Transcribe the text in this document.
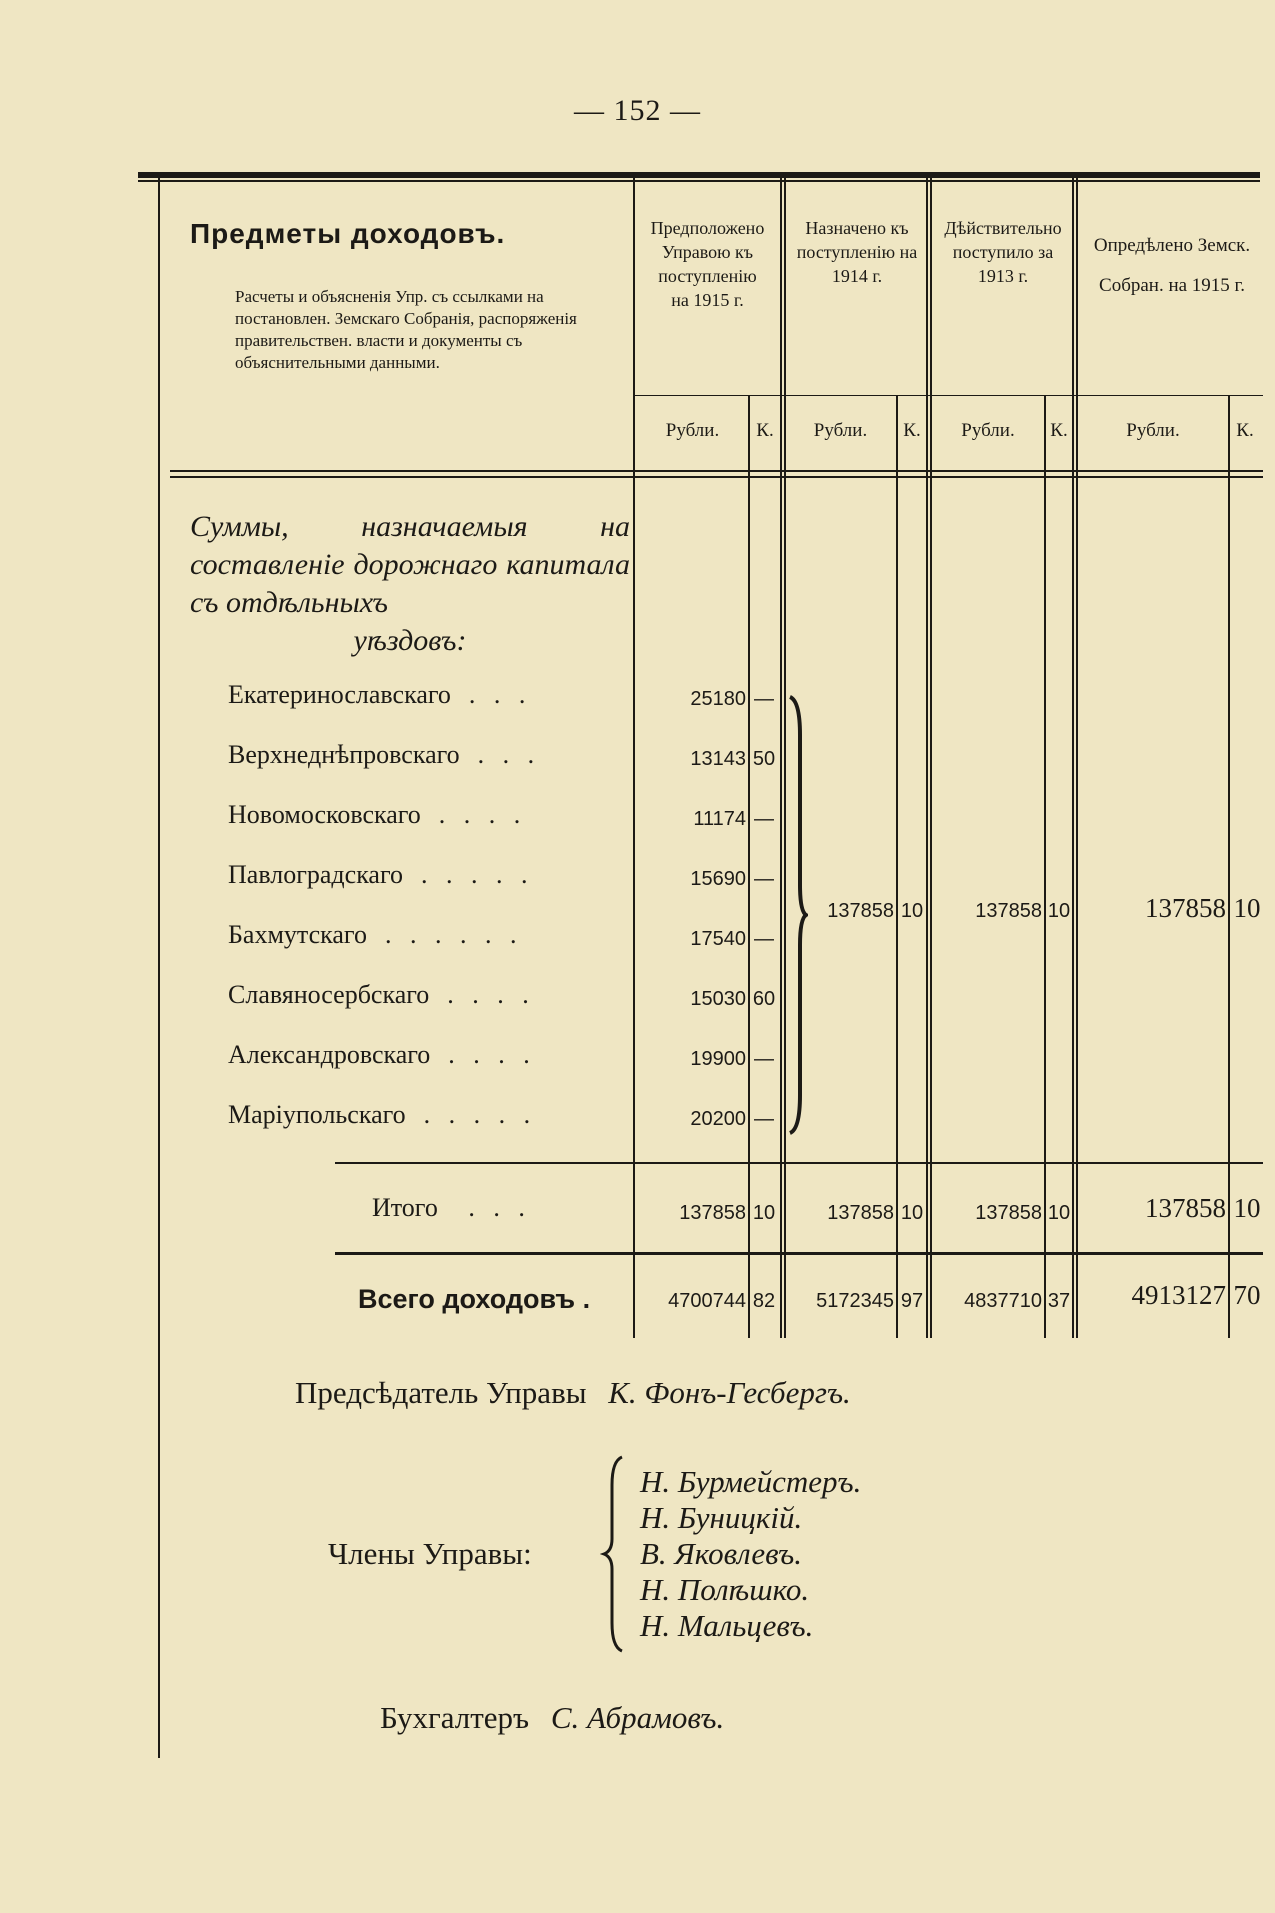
— 152 —
Предметы доходовъ.
Расчеты и объясненія Упр. съ ссылками на постановлен. Земскаго Собранія, распоряженія правительствен. власти и документы съ объяснительными данными.
Предположено Управою къ поступленію на 1915 г.
Назначено къ поступленію на 1914 г.
Дѣйствительно поступило за 1913 г.
Опредѣлено Земск. Собран. на 1915 г.
Рубли.	К.	Рубли.	К.	Рубли.	К.	Рубли.	К.
Суммы, назначаемыя на составленіе дорожнаго капитала съ отдѣльныхъ

уѣздовъ:
Екатеринославскаго . . .	25180 —
Верхнеднѣпровскаго . . .	13143 50
Новомосковскаго . . . .	11174 —
Павлоградскаго . . . . .	15690 —
Бахмутскаго . . . . . .	17540 —
Славяносербскаго . . . .	15030 60
Александровскаго . . . .	19900 —
Маріупольскаго . . . . .	20200 —
137858 10	137858 10	137858 10
Итого . . .	137858 10	137858 10	137858 10	137858 10
Всего доходовъ .	4700744 82	5172345 97	4837710 37	4913127 70
Предсѣдатель Управы К. Фонъ-Гесбергъ.
Члены Управы:
Н. Бурмейстеръ.
Н. Буницкій.
В. Яковлевъ.
Н. Полѣшко.
Н. Мальцевъ.
Бухгалтеръ С. Абрамовъ.
